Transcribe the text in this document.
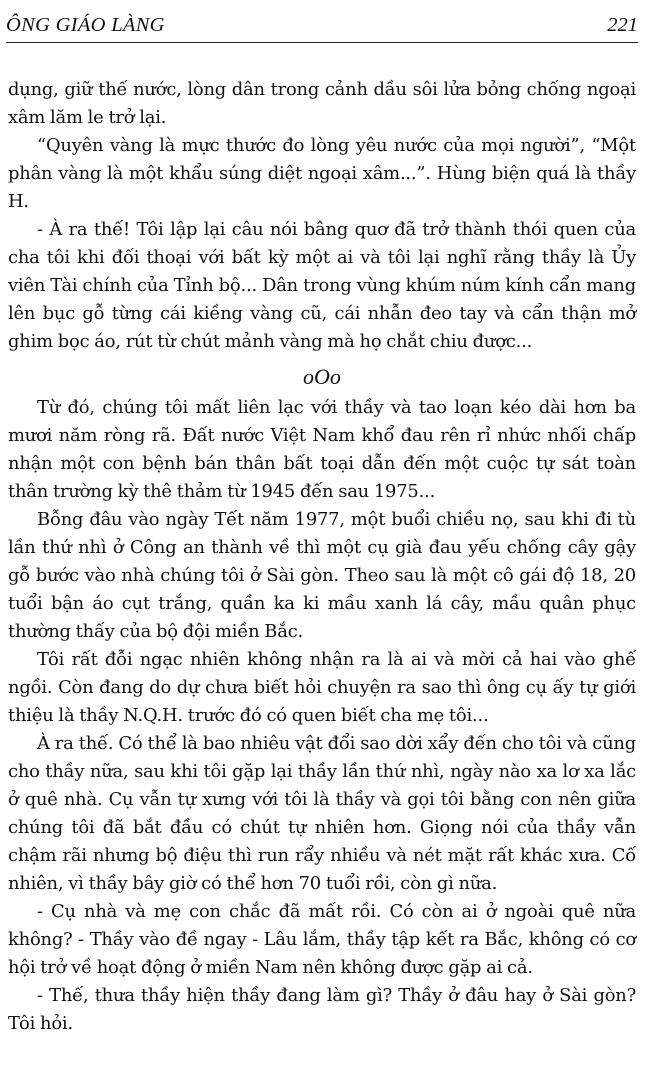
ÔNG GIÁO LÀNG	221

dụng, giữ thế nước, lòng dân trong cảnh dầu sôi lửa bỏng chống ngoại xâm lăm le trở lại.

“Quyên vàng là mực thước đo lòng yêu nước của mọi người”, “Một phân vàng là một khẩu súng diệt ngoại xâm...”. Hùng biện quá là thầy H.

- À ra thế! Tôi lập lại câu nói bâng quơ đã trở thành thói quen của cha tôi khi đối thoại với bất kỳ một ai và tôi lại nghĩ rằng thầy là Ủy viên Tài chính của Tỉnh bộ... Dân trong vùng khúm núm kính cẩn mang lên bục gỗ từng cái kiềng vàng cũ, cái nhẫn đeo tay và cẩn thận mở ghim bọc áo, rút từ chút mảnh vàng mà họ chắt chiu được...

oOo

Từ đó, chúng tôi mất liên lạc với thầy và tao loạn kéo dài hơn ba mươi năm ròng rã. Đất nước Việt Nam khổ đau rên rỉ nhức nhối chấp nhận một con bệnh bán thân bất toại dẫn đến một cuộc tự sát toàn thân trường kỳ thê thảm từ 1945 đến sau 1975...

Bỗng đâu vào ngày Tết năm 1977, một buổi chiều nọ, sau khi đi tù lần thứ nhì ở Công an thành về thì một cụ già đau yếu chống cây gậy gỗ bước vào nhà chúng tôi ở Sài gòn. Theo sau là một cô gái độ 18, 20 tuổi bận áo cụt trắng, quần ka ki mầu xanh lá cây, mầu quân phục thường thấy của bộ đội miền Bắc.

Tôi rất đỗi ngạc nhiên không nhận ra là ai và mời cả hai vào ghế ngồi. Còn đang do dự chưa biết hỏi chuyện ra sao thì ông cụ ấy tự giới thiệu là thầy N.Q.H. trước đó có quen biết cha mẹ tôi...

À ra thế. Có thể là bao nhiêu vật đổi sao dời xẩy đến cho tôi và cũng cho thầy nữa, sau khi tôi gặp lại thầy lần thứ nhì, ngày nào xa lơ xa lắc ở quê nhà. Cụ vẫn tự xưng với tôi là thầy và gọi tôi bằng con nên giữa chúng tôi đã bắt đầu có chút tự nhiên hơn. Giọng nói của thầy vẫn chậm rãi nhưng bộ điệu thì run rẩy nhiều và nét mặt rất khác xưa. Cố nhiên, vì thầy bây giờ có thể hơn 70 tuổi rồi, còn gì nữa.

- Cụ nhà và mẹ con chắc đã mất rồi. Có còn ai ở ngoài quê nữa không? - Thầy vào đề ngay - Lâu lắm, thầy tập kết ra Bắc, không có cơ hội trở về hoạt động ở miền Nam nên không được gặp ai cả.

- Thế, thưa thầy hiện thầy đang làm gì? Thầy ở đâu hay ở Sài gòn? Tôi hỏi.
